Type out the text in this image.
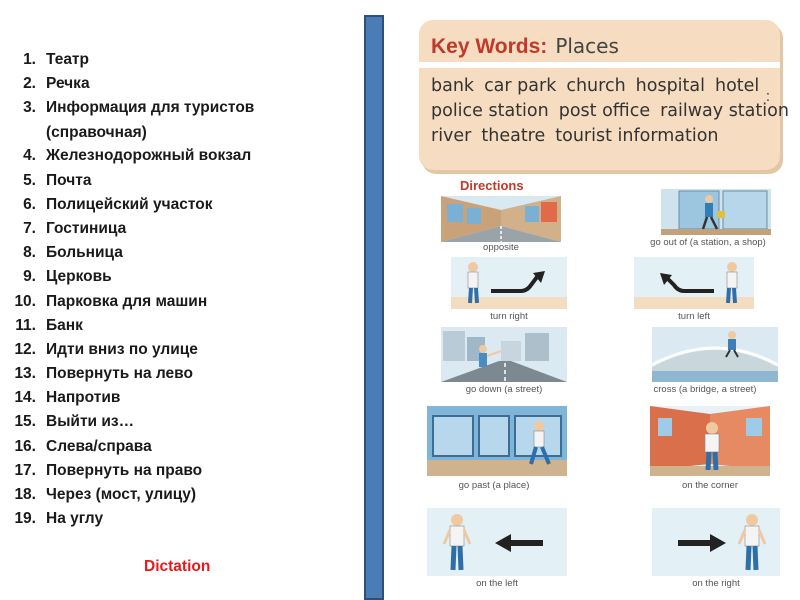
1. Театр
2. Речка
3. Информация для туристов (справочная)
4. Железнодорожный вокзал
5. Почта
6. Полицейский участок
7. Гостиница
8. Больница
9. Церковь
10. Парковка для машин
11. Банк
12. Идти вниз по улице
13. Повернуть на лево
14. Напротив
15. Выйти из…
16. Слева/справа
17. Повернуть на право
18. Через (мост, улицу)
19. На углу
Dictation
Key Words: Places
bank car park church hospital hotel
police station post office railway station
river theatre tourist information
:
Directions
opposite	go out of (a station, a shop)
turn right	turn left
go down (a street)	cross (a bridge, a street)
go past (a place)	on the corner
on the left	on the right
